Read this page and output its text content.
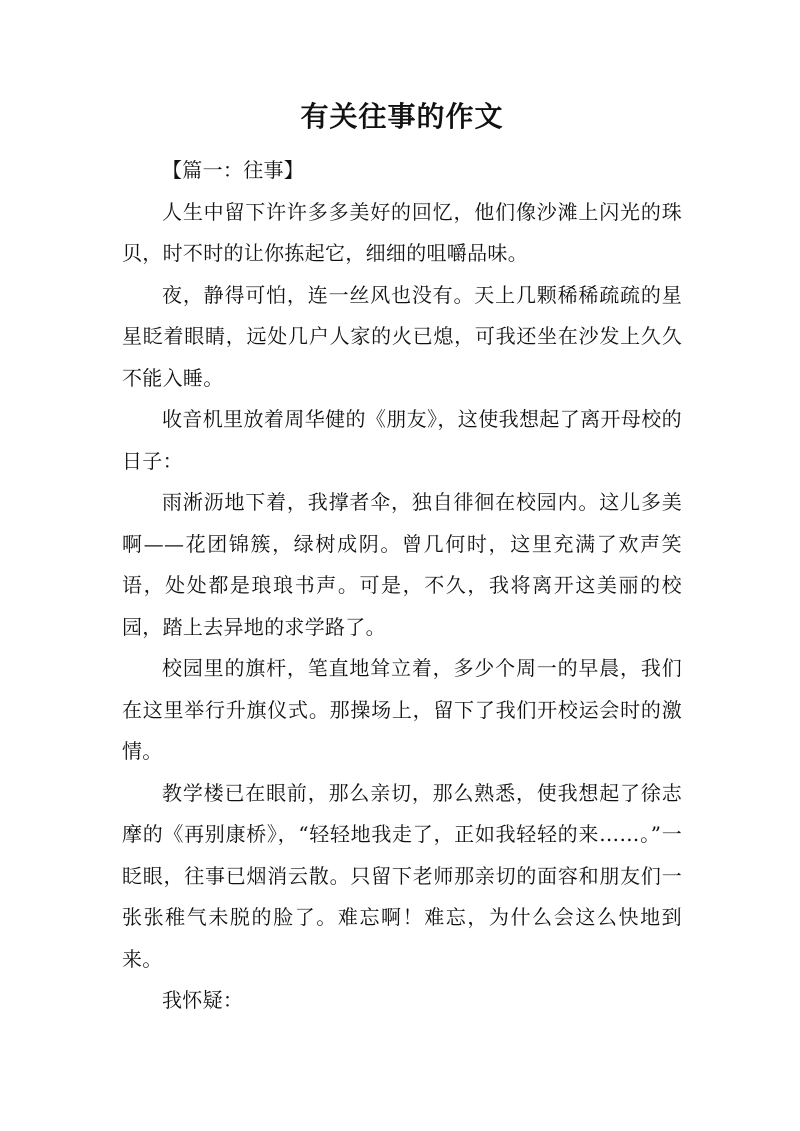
有关往事的作文

【篇一：往事】

人生中留下许许多多美好的回忆，他们像沙滩上闪光的珠贝，时不时的让你拣起它，细细的咀嚼品味。

夜，静得可怕，连一丝风也没有。天上几颗稀稀疏疏的星星眨着眼睛，远处几户人家的火已熄，可我还坐在沙发上久久不能入睡。

收音机里放着周华健的《朋友》，这使我想起了离开母校的日子：

雨淅沥地下着，我撑者伞，独自徘徊在校园内。这儿多美啊——花团锦簇，绿树成阴。曾几何时，这里充满了欢声笑语，处处都是琅琅书声。可是，不久，我将离开这美丽的校园，踏上去异地的求学路了。

校园里的旗杆，笔直地耸立着，多少个周一的早晨，我们在这里举行升旗仪式。那操场上，留下了我们开校运会时的激情。

教学楼已在眼前，那么亲切，那么熟悉，使我想起了徐志摩的《再别康桥》，“轻轻地我走了，正如我轻轻的来……。”一眨眼，往事已烟消云散。只留下老师那亲切的面容和朋友们一张张稚气未脱的脸了。难忘啊！难忘，为什么会这么快地到来。

我怀疑：
